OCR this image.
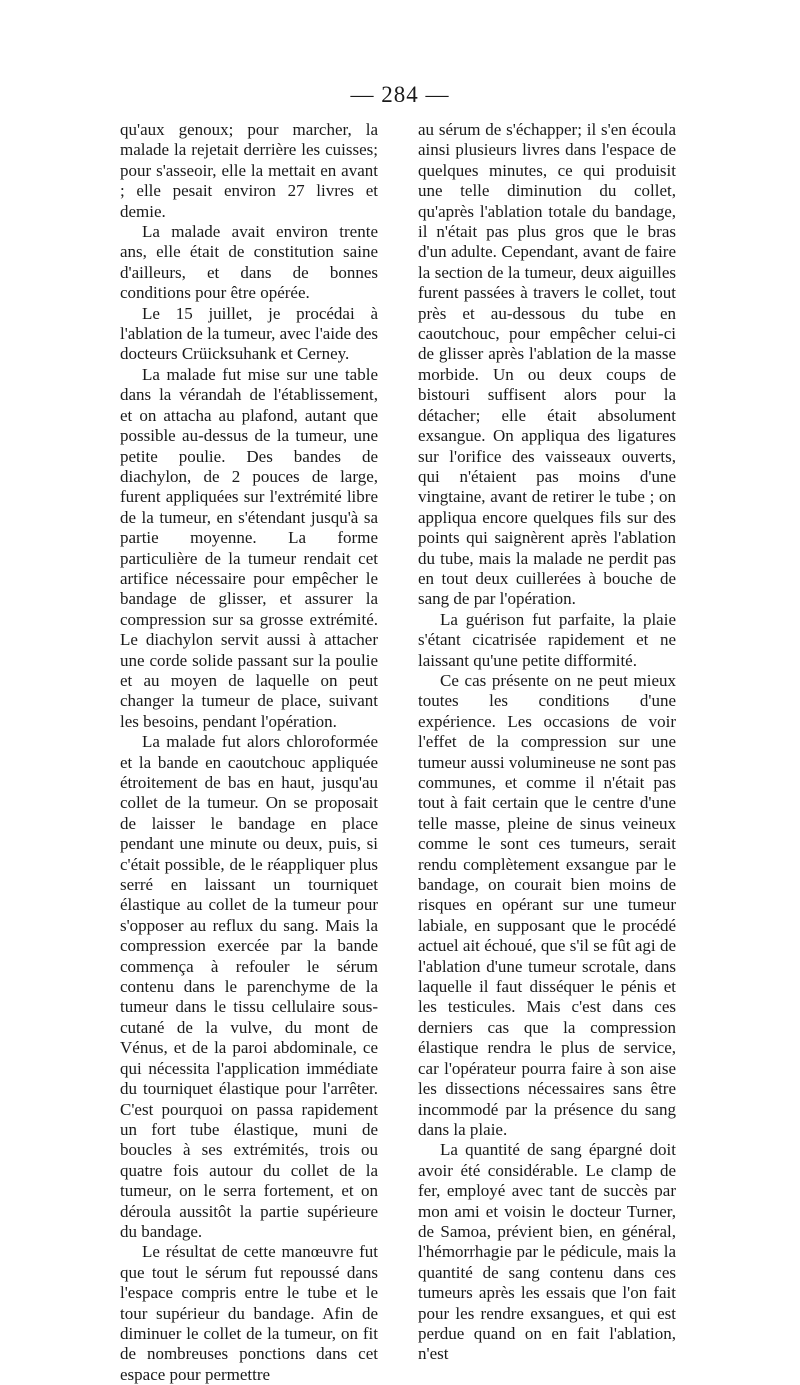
— 284 —

qu'aux genoux; pour marcher, la malade la rejetait derrière les cuisses; pour s'asseoir, elle la mettait en avant ; elle pesait environ 27 livres et demie.

La malade avait environ trente ans, elle était de constitution saine d'ailleurs, et dans de bonnes conditions pour être opérée.

Le 15 juillet, je procédai à l'ablation de la tumeur, avec l'aide des docteurs Crüicksuhank et Cerney.

La malade fut mise sur une table dans la vérandah de l'établissement, et on attacha au plafond, autant que possible au-dessus de la tumeur, une petite poulie. Des bandes de diachylon, de 2 pouces de large, furent appliquées sur l'extrémité libre de la tumeur, en s'étendant jusqu'à sa partie moyenne. La forme particulière de la tumeur rendait cet artifice nécessaire pour empêcher le bandage de glisser, et assurer la compression sur sa grosse extrémité. Le diachylon servit aussi à attacher une corde solide passant sur la poulie et au moyen de laquelle on peut changer la tumeur de place, suivant les besoins, pendant l'opération.

La malade fut alors chloroformée et la bande en caoutchouc appliquée étroitement de bas en haut, jusqu'au collet de la tumeur. On se proposait de laisser le bandage en place pendant une minute ou deux, puis, si c'était possible, de le réappliquer plus serré en laissant un tourniquet élastique au collet de la tumeur pour s'opposer au reflux du sang. Mais la compression exercée par la bande commença à refouler le sérum contenu dans le parenchyme de la tumeur dans le tissu cellulaire sous-cutané de la vulve, du mont de Vénus, et de la paroi abdominale, ce qui nécessita l'application immédiate du tourniquet élastique pour l'arrêter. C'est pourquoi on passa rapidement un fort tube élastique, muni de boucles à ses extrémités, trois ou quatre fois autour du collet de la tumeur, on le serra fortement, et on déroula aussitôt la partie supérieure du bandage.

Le résultat de cette manœuvre fut que tout le sérum fut repoussé dans l'espace compris entre le tube et le tour supérieur du bandage. Afin de diminuer le collet de la tumeur, on fit de nombreuses ponctions dans cet espace pour permettre

au sérum de s'échapper; il s'en écoula ainsi plusieurs livres dans l'espace de quelques minutes, ce qui produisit une telle diminution du collet, qu'après l'ablation totale du bandage, il n'était pas plus gros que le bras d'un adulte. Cependant, avant de faire la section de la tumeur, deux aiguilles furent passées à travers le collet, tout près et au-dessous du tube en caoutchouc, pour empêcher celui-ci de glisser après l'ablation de la masse morbide. Un ou deux coups de bistouri suffisent alors pour la détacher; elle était absolument exsangue. On appliqua des ligatures sur l'orifice des vaisseaux ouverts, qui n'étaient pas moins d'une vingtaine, avant de retirer le tube ; on appliqua encore quelques fils sur des points qui saignèrent après l'ablation du tube, mais la malade ne perdit pas en tout deux cuillerées à bouche de sang de par l'opération.

La guérison fut parfaite, la plaie s'étant cicatrisée rapidement et ne laissant qu'une petite difformité.

Ce cas présente on ne peut mieux toutes les conditions d'une expérience. Les occasions de voir l'effet de la compression sur une tumeur aussi volumineuse ne sont pas communes, et comme il n'était pas tout à fait certain que le centre d'une telle masse, pleine de sinus veineux comme le sont ces tumeurs, serait rendu complètement exsangue par le bandage, on courait bien moins de risques en opérant sur une tumeur labiale, en supposant que le procédé actuel ait échoué, que s'il se fût agi de l'ablation d'une tumeur scrotale, dans laquelle il faut disséquer le pénis et les testicules. Mais c'est dans ces derniers cas que la compression élastique rendra le plus de service, car l'opérateur pourra faire à son aise les dissections nécessaires sans être incommodé par la présence du sang dans la plaie.

La quantité de sang épargné doit avoir été considérable. Le clamp de fer, employé avec tant de succès par mon ami et voisin le docteur Turner, de Samoa, prévient bien, en général, l'hémorrhagie par le pédicule, mais la quantité de sang contenu dans ces tumeurs après les essais que l'on fait pour les rendre exsangues, et qui est perdue quand on en fait l'ablation, n'est
